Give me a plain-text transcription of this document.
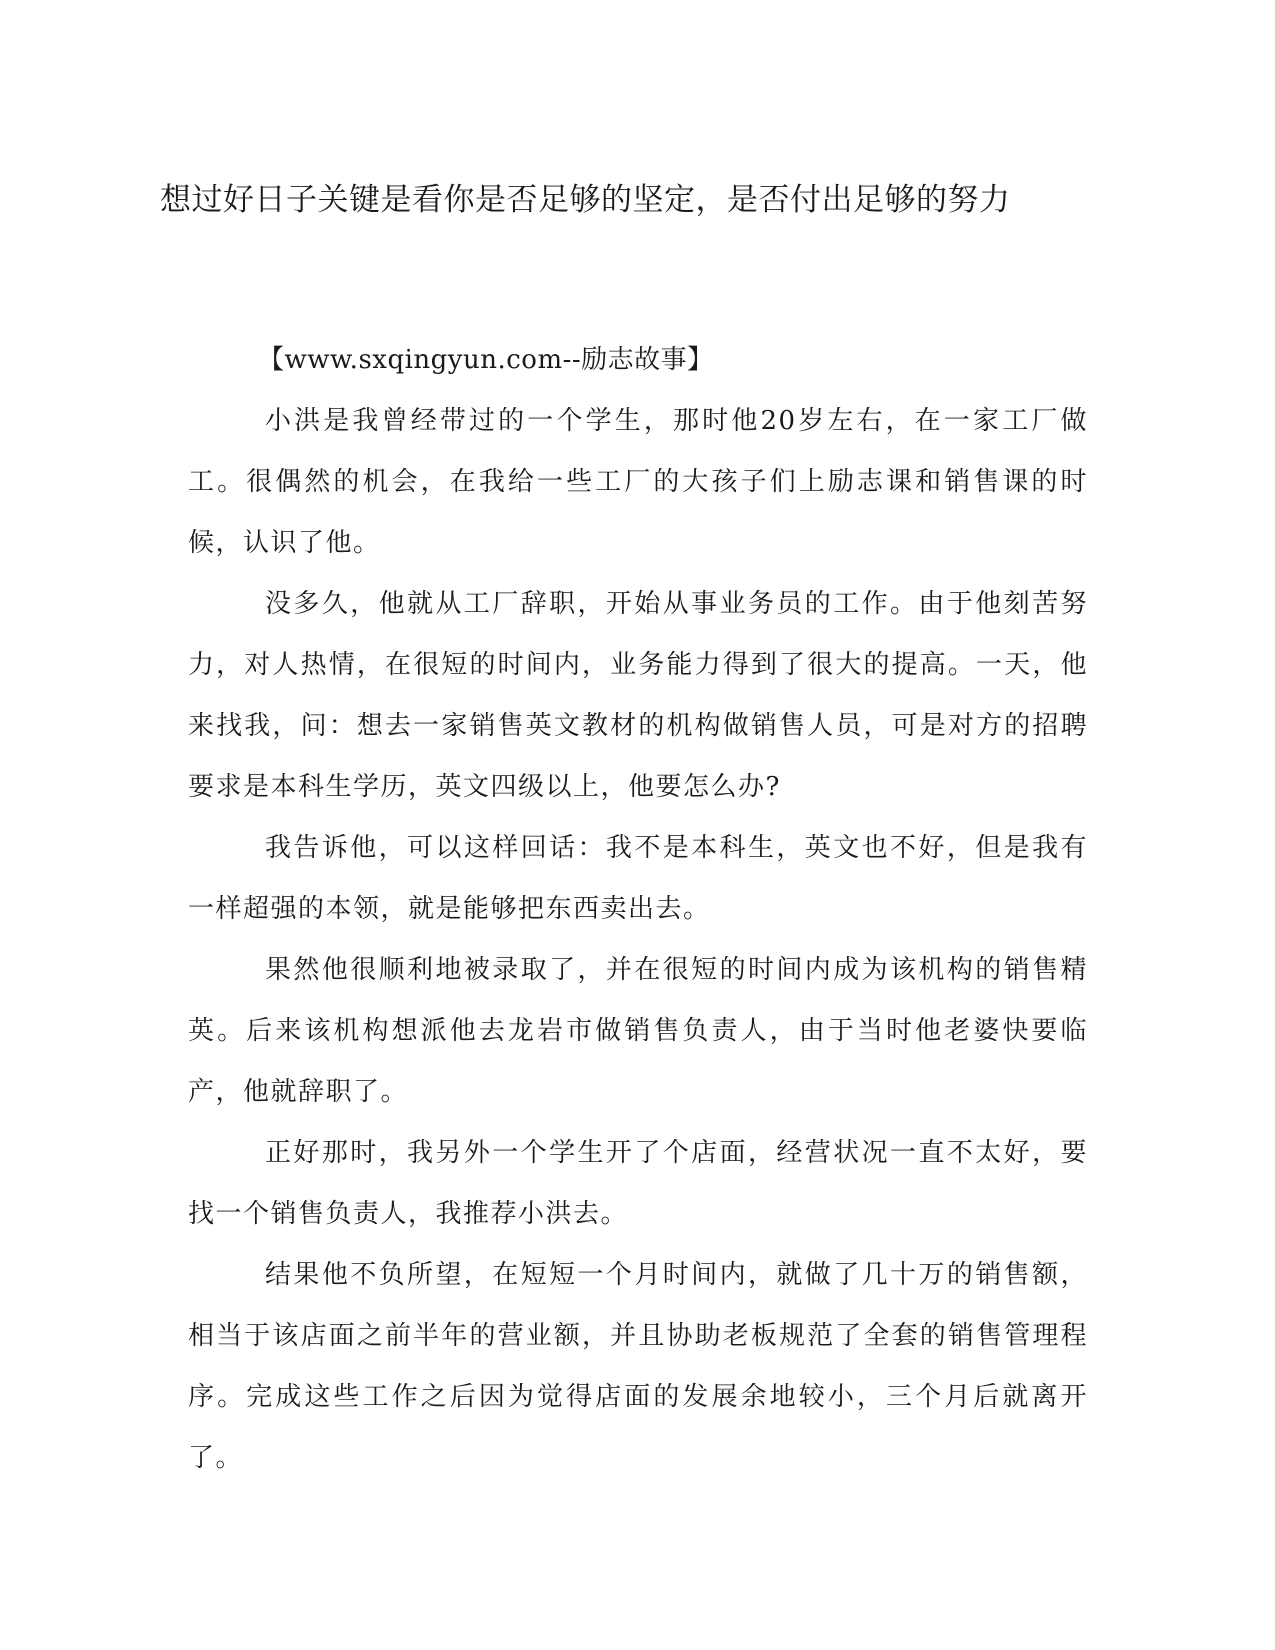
想过好日子关键是看你是否足够的坚定，是否付出足够的努力

【www.sxqingyun.com--励志故事】

小洪是我曾经带过的一个学生，那时他20岁左右，在一家工厂做工。很偶然的机会，在我给一些工厂的大孩子们上励志课和销售课的时候，认识了他。

没多久，他就从工厂辞职，开始从事业务员的工作。由于他刻苦努力，对人热情，在很短的时间内，业务能力得到了很大的提高。一天，他来找我，问：想去一家销售英文教材的机构做销售人员，可是对方的招聘要求是本科生学历，英文四级以上，他要怎么办?

我告诉他，可以这样回话：我不是本科生，英文也不好，但是我有一样超强的本领，就是能够把东西卖出去。

果然他很顺利地被录取了，并在很短的时间内成为该机构的销售精英。后来该机构想派他去龙岩市做销售负责人，由于当时他老婆快要临产，他就辞职了。

正好那时，我另外一个学生开了个店面，经营状况一直不太好，要找一个销售负责人，我推荐小洪去。

结果他不负所望，在短短一个月时间内，就做了几十万的销售额，相当于该店面之前半年的营业额，并且协助老板规范了全套的销售管理程序。完成这些工作之后因为觉得店面的发展余地较小，三个月后就离开了。
